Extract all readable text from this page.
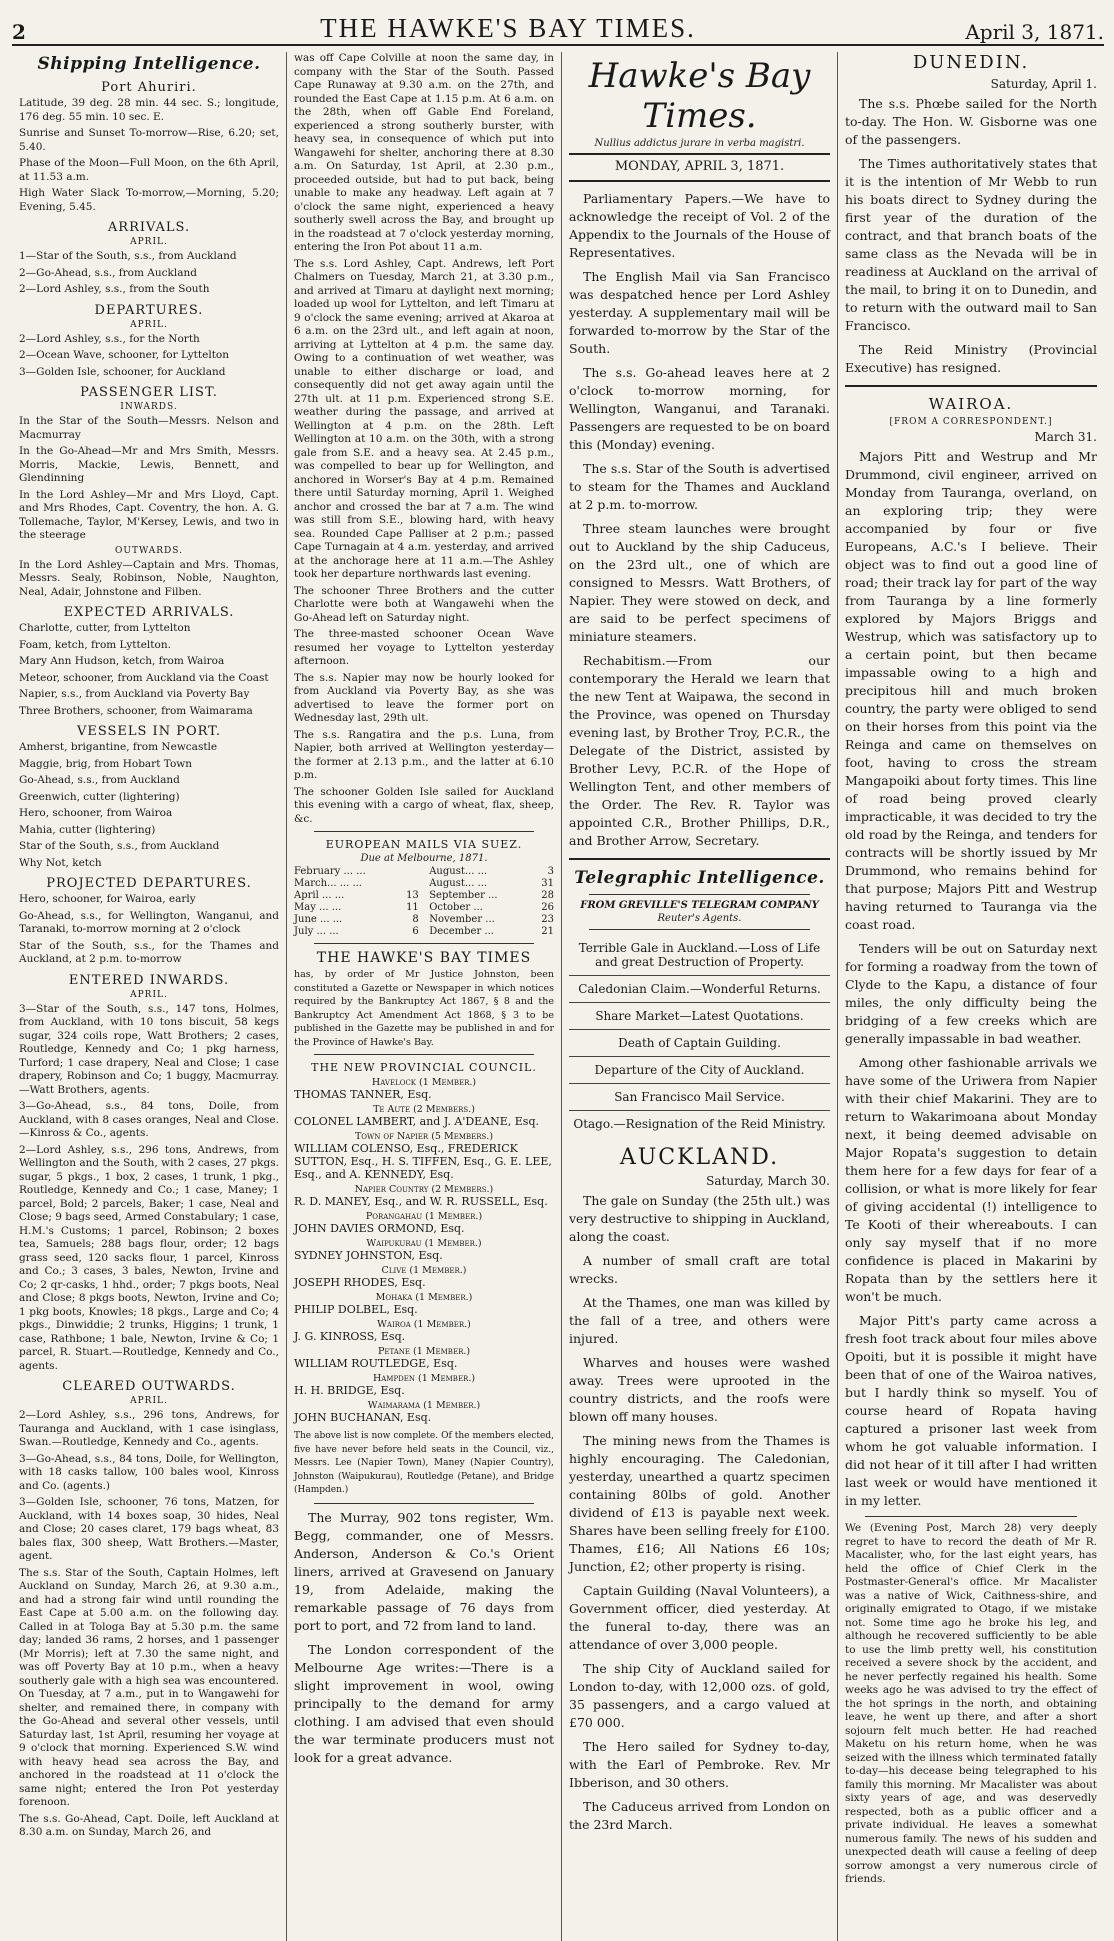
2	THE HAWKE'S BAY TIMES.	April 3, 1871.
Shipping Intelligence.
Port Ahuriri.

Latitude, 39 deg. 28 min. 44 sec. S.; longitude, 176 deg. 55 min. 10 sec. E.

Sunrise and Sunset To-morrow—Rise, 6.20; set, 5.40.

Phase of the Moon—Full Moon, on the 6th April, at 11.53 a.m.

High Water Slack To-morrow,—Morning, 5.20; Evening, 5.45.

ARRIVALS.
APRIL.

1—Star of the South, s.s., from Auckland

2—Go-Ahead, s.s., from Auckland

2—Lord Ashley, s.s., from the South

DEPARTURES.
APRIL.

2—Lord Ashley, s.s., for the North

2—Ocean Wave, schooner, for Lyttelton

3—Golden Isle, schooner, for Auckland

PASSENGER LIST.
INWARDS.

In the Star of the South—Messrs. Nelson and Macmurray

In the Go-Ahead—Mr and Mrs Smith, Messrs. Morris, Mackie, Lewis, Bennett, and Glendinning

In the Lord Ashley—Mr and Mrs Lloyd, Capt. and Mrs Rhodes, Capt. Coventry, the hon. A. G. Tollemache, Taylor, M'Kersey, Lewis, and two in the steerage

OUTWARDS.

In the Lord Ashley—Captain and Mrs. Thomas, Messrs. Sealy, Robinson, Noble, Naughton, Neal, Adair, Johnstone and Filben.

EXPECTED ARRIVALS.

Charlotte, cutter, from Lyttelton

Foam, ketch, from Lyttelton.

Mary Ann Hudson, ketch, from Wairoa

Meteor, schooner, from Auckland via the Coast

Napier, s.s., from Auckland via Poverty Bay

Three Brothers, schooner, from Waimarama

VESSELS IN PORT.

Amherst, brigantine, from Newcastle

Maggie, brig, from Hobart Town

Go-Ahead, s.s., from Auckland

Greenwich, cutter (lightering)

Hero, schooner, from Wairoa

Mahia, cutter (lightering)

Star of the South, s.s., from Auckland

Why Not, ketch

PROJECTED DEPARTURES.

Hero, schooner, for Wairoa, early

Go-Ahead, s.s., for Wellington, Wanganui, and Taranaki, to-morrow morning at 2 o'clock

Star of the South, s.s., for the Thames and Auckland, at 2 p.m. to-morrow

ENTERED INWARDS.
APRIL.

3—Star of the South, s.s., 147 tons, Holmes, from Auckland, with 10 tons biscuit, 58 kegs sugar, 324 coils rope, Watt Brothers; 2 cases, Routledge, Kennedy and Co; 1 pkg harness, Turford; 1 case drapery, Neal and Close; 1 case drapery, Robinson and Co; 1 buggy, Macmurray.—Watt Brothers, agents.

3—Go-Ahead, s.s., 84 tons, Doile, from Auckland, with 8 cases oranges, Neal and Close. —Kinross & Co., agents.

2—Lord Ashley, s.s., 296 tons, Andrews, from Wellington and the South, with 2 cases, 27 pkgs. sugar, 5 pkgs., 1 box, 2 cases, 1 trunk, 1 pkg., Routledge, Kennedy and Co.; 1 case, Maney; 1 parcel, Bold; 2 parcels, Baker; 1 case, Neal and Close; 9 bags seed, Armed Constabulary; 1 case, H.M.'s Customs; 1 parcel, Robinson; 2 boxes tea, Samuels; 288 bags flour, order; 12 bags grass seed, 120 sacks flour, 1 parcel, Kinross and Co.; 3 cases, 3 bales, Newton, Irvine and Co; 2 qr-casks, 1 hhd., order; 7 pkgs boots, Neal and Close; 8 pkgs boots, Newton, Irvine and Co; 1 pkg boots, Knowles; 18 pkgs., Large and Co; 4 pkgs., Dinwiddie; 2 trunks, Higgins; 1 trunk, 1 case, Rathbone; 1 bale, Newton, Irvine & Co; 1 parcel, R. Stuart.—Routledge, Kennedy and Co., agents.

CLEARED OUTWARDS.
APRIL.

2—Lord Ashley, s.s., 296 tons, Andrews, for Tauranga and Auckland, with 1 case isinglass, Swan.—Routledge, Kennedy and Co., agents.

3—Go-Ahead, s.s., 84 tons, Doile, for Wellington, with 18 casks tallow, 100 bales wool, Kinross and Co. (agents.)

3—Golden Isle, schooner, 76 tons, Matzen, for Auckland, with 14 boxes soap, 30 hides, Neal and Close; 20 cases claret, 179 bags wheat, 83 bales flax, 300 sheep, Watt Brothers.—Master, agent.

The s.s. Star of the South, Captain Holmes, left Auckland on Sunday, March 26, at 9.30 a.m., and had a strong fair wind until rounding the East Cape at 5.00 a.m. on the following day. Called in at Tologa Bay at 5.30 p.m. the same day; landed 36 rams, 2 horses, and 1 passenger (Mr Morris); left at 7.30 the same night, and was off Poverty Bay at 10 p.m., when a heavy southerly gale with a high sea was encountered. On Tuesday, at 7 a.m., put in to Wangawehi for shelter, and remained there, in company with the Go-Ahead and several other vessels, until Saturday last, 1st April, resuming her voyage at 9 o'clock that morning. Experienced S.W. wind with heavy head sea across the Bay, and anchored in the roadstead at 11 o'clock the same night; entered the Iron Pot yesterday forenoon.

The s.s. Go-Ahead, Capt. Doile, left Auckland at 8.30 a.m. on Sunday, March 26, and

was off Cape Colville at noon the same day, in company with the Star of the South. Passed Cape Runaway at 9.30 a.m. on the 27th, and rounded the East Cape at 1.15 p.m. At 6 a.m. on the 28th, when off Gable End Foreland, experienced a strong southerly burster, with heavy sea, in consequence of which put into Wangawehi for shelter, anchoring there at 8.30 a.m. On Saturday, 1st April, at 2.30 p.m., proceeded outside, but had to put back, being unable to make any headway. Left again at 7 o'clock the same night, experienced a heavy southerly swell across the Bay, and brought up in the roadstead at 7 o'clock yesterday morning, entering the Iron Pot about 11 a.m.

The s.s. Lord Ashley, Capt. Andrews, left Port Chalmers on Tuesday, March 21, at 3.30 p.m., and arrived at Timaru at daylight next morning; loaded up wool for Lyttelton, and left Timaru at 9 o'clock the same evening; arrived at Akaroa at 6 a.m. on the 23rd ult., and left again at noon, arriving at Lyttelton at 4 p.m. the same day. Owing to a continuation of wet weather, was unable to either discharge or load, and consequently did not get away again until the 27th ult. at 11 p.m. Experienced strong S.E. weather during the passage, and arrived at Wellington at 4 p.m. on the 28th. Left Wellington at 10 a.m. on the 30th, with a strong gale from S.E. and a heavy sea. At 2.45 p.m., was compelled to bear up for Wellington, and anchored in Worser's Bay at 4 p.m. Remained there until Saturday morning, April 1. Weighed anchor and crossed the bar at 7 a.m. The wind was still from S.E., blowing hard, with heavy sea. Rounded Cape Palliser at 2 p.m.; passed Cape Turnagain at 4 a.m. yesterday, and arrived at the anchorage here at 11 a.m.—The Ashley took her departure northwards last evening.

The schooner Three Brothers and the cutter Charlotte were both at Wangawehi when the Go-Ahead left on Saturday night.

The three-masted schooner Ocean Wave resumed her voyage to Lyttelton yesterday afternoon.

The s.s. Napier may now be hourly looked for from Auckland via Poverty Bay, as she was advertised to leave the former port on Wednesday last, 29th ult.

The s.s. Rangatira and the p.s. Luna, from Napier, both arrived at Wellington yesterday—the former at 2.13 p.m., and the latter at 6.10 p.m.

The schooner Golden Isle sailed for Auckland this evening with a cargo of wheat, flax, sheep, &c.

EUROPEAN MAILS VIA SUEZ.
Due at Melbourne, 1871.
February ... ...
March... ... ...
April ... ...	13
May ... ...	11
June ... ...	8
July ... ...	6
August... ...	3
August... ...	31
September ...	28
October ...	26
November ...	23
December ...	21
THE HAWKE'S BAY TIMES

has, by order of Mr Justice Johnston, been constituted a Gazette or Newspaper in which notices required by the Bankruptcy Act 1867, § 8 and the Bankruptcy Act Amendment Act 1868, § 3 to be published in the Gazette may be published in and for the Province of Hawke's Bay.

THE NEW PROVINCIAL COUNCIL.
Havelock (1 Member.)
THOMAS TANNER, Esq.
Te Aute (2 Members.)
COLONEL LAMBERT, and J. A'DEANE, Esq.
Town of Napier (5 Members.)
WILLIAM COLENSO, Esq., FREDERICK SUTTON, Esq., H. S. TIFFEN, Esq., G. E. LEE, Esq., and A. KENNEDY, Esq.
Napier Country (2 Members.)
R. D. MANEY, Esq., and W. R. RUSSELL, Esq.
Porangahau (1 Member.)
JOHN DAVIES ORMOND, Esq.
Waipukurau (1 Member.)
SYDNEY JOHNSTON, Esq.
Clive (1 Member.)
JOSEPH RHODES, Esq.
Mohaka (1 Member.)
PHILIP DOLBEL, Esq.
Wairoa (1 Member.)
J. G. KINROSS, Esq.
Petane (1 Member.)
WILLIAM ROUTLEDGE, Esq.
Hampden (1 Member.)
H. H. BRIDGE, Esq.
Waimarama (1 Member.)
JOHN BUCHANAN, Esq.

The above list is now complete. Of the members elected, five have never before held seats in the Council, viz., Messrs. Lee (Napier Town), Maney (Napier Country), Johnston (Waipukurau), Routledge (Petane), and Bridge (Hampden.)

The Murray, 902 tons register, Wm. Begg, commander, one of Messrs. Anderson, Anderson & Co.'s Orient liners, arrived at Gravesend on January 19, from Adelaide, making the remarkable passage of 76 days from port to port, and 72 from land to land.

The London correspondent of the Melbourne Age writes:—There is a slight improvement in wool, owing principally to the demand for army clothing. I am advised that even should the war terminate producers must not look for a great advance.

Hawke's Bay Times.
Nullius addictus jurare in verba magistri.
MONDAY, APRIL 3, 1871.

Parliamentary Papers.—We have to acknowledge the receipt of Vol. 2 of the Appendix to the Journals of the House of Representatives.

The English Mail via San Francisco was despatched hence per Lord Ashley yesterday. A supplementary mail will be forwarded to-morrow by the Star of the South.

The s.s. Go-ahead leaves here at 2 o'clock to-morrow morning, for Wellington, Wanganui, and Taranaki. Passengers are requested to be on board this (Monday) evening.

The s.s. Star of the South is advertised to steam for the Thames and Auckland at 2 p.m. to-morrow.

Three steam launches were brought out to Auckland by the ship Caduceus, on the 23rd ult., one of which are consigned to Messrs. Watt Brothers, of Napier. They were stowed on deck, and are said to be perfect specimens of miniature steamers.

Rechabitism.—From our contemporary the Herald we learn that the new Tent at Waipawa, the second in the Province, was opened on Thursday evening last, by Brother Troy, P.C.R., the Delegate of the District, assisted by Brother Levy, P.C.R. of the Hope of Wellington Tent, and other members of the Order. The Rev. R. Taylor was appointed C.R., Brother Phillips, D.R., and Brother Arrow, Secretary.

Telegraphic Intelligence.
FROM GREVILLE'S TELEGRAM COMPANY
Reuter's Agents.

Terrible Gale in Auckland.—Loss of Life and great Destruction of Property.

Caledonian Claim.—Wonderful Returns.

Share Market—Latest Quotations.

Death of Captain Guilding.

Departure of the City of Auckland.

San Francisco Mail Service.

Otago.—Resignation of the Reid Ministry.

AUCKLAND.
Saturday, March 30.

The gale on Sunday (the 25th ult.) was very destructive to shipping in Auckland, along the coast.

A number of small craft are total wrecks.

At the Thames, one man was killed by the fall of a tree, and others were injured.

Wharves and houses were washed away. Trees were uprooted in the country districts, and the roofs were blown off many houses.

The mining news from the Thames is highly encouraging. The Caledonian, yesterday, unearthed a quartz specimen containing 80lbs of gold. Another dividend of £13 is payable next week. Shares have been selling freely for £100. Thames, £16; All Nations £6 10s; Junction, £2; other property is rising.

Captain Guilding (Naval Volunteers), a Government officer, died yesterday. At the funeral to-day, there was an attendance of over 3,000 people.

The ship City of Auckland sailed for London to-day, with 12,000 ozs. of gold, 35 passengers, and a cargo valued at £70 000.

The Hero sailed for Sydney to-day, with the Earl of Pembroke. Rev. Mr Ibberison, and 30 others.

The Caduceus arrived from London on the 23rd March.

DUNEDIN.
Saturday, April 1.

The s.s. Phœbe sailed for the North to-day. The Hon. W. Gisborne was one of the passengers.

The Times authoritatively states that it is the intention of Mr Webb to run his boats direct to Sydney during the first year of the duration of the contract, and that branch boats of the same class as the Nevada will be in readiness at Auckland on the arrival of the mail, to bring it on to Dunedin, and to return with the outward mail to San Francisco.

The Reid Ministry (Provincial Executive) has resigned.

WAIROA.
[FROM A CORRESPONDENT.]
March 31.

Majors Pitt and Westrup and Mr Drummond, civil engineer, arrived on Monday from Tauranga, overland, on an exploring trip; they were accompanied by four or five Europeans, A.C.'s I believe. Their object was to find out a good line of road; their track lay for part of the way from Tauranga by a line formerly explored by Majors Briggs and Westrup, which was satisfactory up to a certain point, but then became impassable owing to a high and precipitous hill and much broken country, the party were obliged to send on their horses from this point via the Reinga and came on themselves on foot, having to cross the stream Mangapoiki about forty times. This line of road being proved clearly impracticable, it was decided to try the old road by the Reinga, and tenders for contracts will be shortly issued by Mr Drummond, who remains behind for that purpose; Majors Pitt and Westrup having returned to Tauranga via the coast road.

Tenders will be out on Saturday next for forming a roadway from the town of Clyde to the Kapu, a distance of four miles, the only difficulty being the bridging of a few creeks which are generally impassable in bad weather.

Among other fashionable arrivals we have some of the Uriwera from Napier with their chief Makarini. They are to return to Wakarimoana about Monday next, it being deemed advisable on Major Ropata's suggestion to detain them here for a few days for fear of a collision, or what is more likely for fear of giving accidental (!) intelligence to Te Kooti of their whereabouts. I can only say myself that if no more confidence is placed in Makarini by Ropata than by the settlers here it won't be much.

Major Pitt's party came across a fresh foot track about four miles above Opoiti, but it is possible it might have been that of one of the Wairoa natives, but I hardly think so myself. You of course heard of Ropata having captured a prisoner last week from whom he got valuable information. I did not hear of it till after I had written last week or would have mentioned it in my letter.

We (Evening Post, March 28) very deeply regret to have to record the death of Mr R. Macalister, who, for the last eight years, has held the office of Chief Clerk in the Postmaster-General's office. Mr Macalister was a native of Wick, Caithness-shire, and originally emigrated to Otago, if we mistake not. Some time ago he broke his leg, and although he recovered sufficiently to be able to use the limb pretty well, his constitution received a severe shock by the accident, and he never perfectly regained his health. Some weeks ago he was advised to try the effect of the hot springs in the north, and obtaining leave, he went up there, and after a short sojourn felt much better. He had reached Maketu on his return home, when he was seized with the illness which terminated fatally to-day—his decease being telegraphed to his family this morning. Mr Macalister was about sixty years of age, and was deservedly respected, both as a public officer and a private individual. He leaves a somewhat numerous family. The news of his sudden and unexpected death will cause a feeling of deep sorrow amongst a very numerous circle of friends.
